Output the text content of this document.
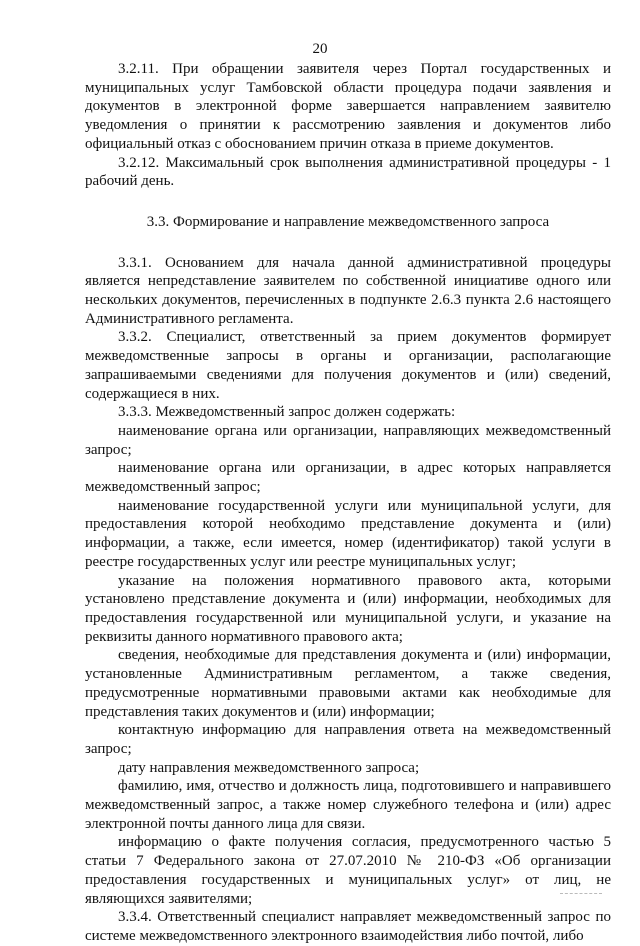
20

3.2.11. При обращении заявителя через Портал государственных и муниципальных услуг Тамбовской области процедура подачи заявления и документов в электронной форме завершается направлением заявителю уведомления о принятии к рассмотрению заявления и документов либо официальный отказ с обоснованием причин отказа в приеме документов.

3.2.12. Максимальный срок выполнения административной процедуры - 1 рабочий день.

3.3. Формирование и направление межведомственного запроса

3.3.1. Основанием для начала данной административной процедуры является непредставление заявителем по собственной инициативе одного или нескольких документов, перечисленных в подпункте 2.6.3 пункта 2.6 настоящего Административного регламента.

3.3.2. Специалист, ответственный за прием документов формирует межведомственные запросы в органы и организации, располагающие запрашиваемыми сведениями для получения документов и (или) сведений, содержащиеся в них.

3.3.3. Межведомственный запрос должен содержать:

наименование органа или организации, направляющих межведомственный запрос;

наименование органа или организации, в адрес которых направляется межведомственный запрос;

наименование государственной услуги или муниципальной услуги, для предоставления которой необходимо представление документа и (или) информации, а также, если имеется, номер (идентификатор) такой услуги в реестре государственных услуг или реестре муниципальных услуг;

указание на положения нормативного правового акта, которыми установлено представление документа и (или) информации, необходимых для предоставления государственной или муниципальной услуги, и указание на реквизиты данного нормативного правового акта;

сведения, необходимые для представления документа и (или) информации, установленные Административным регламентом, а также сведения, предусмотренные нормативными правовыми актами как необходимые для представления таких документов и (или) информации;

контактную информацию для направления ответа на межведомственный запрос;

дату направления межведомственного запроса;

фамилию, имя, отчество и должность лица, подготовившего и направившего межведомственный запрос, а также номер служебного телефона и (или) адрес электронной почты данного лица для связи.

информацию о факте получения согласия, предусмотренного частью 5 статьи 7 Федерального закона от 27.07.2010 № 210-ФЗ «Об организации предоставления государственных и муниципальных услуг» от лиц, не являющихся заявителями;

3.3.4. Ответственный специалист направляет межведомственный запрос по системе межведомственного электронного взаимодействия либо почтой, либо
